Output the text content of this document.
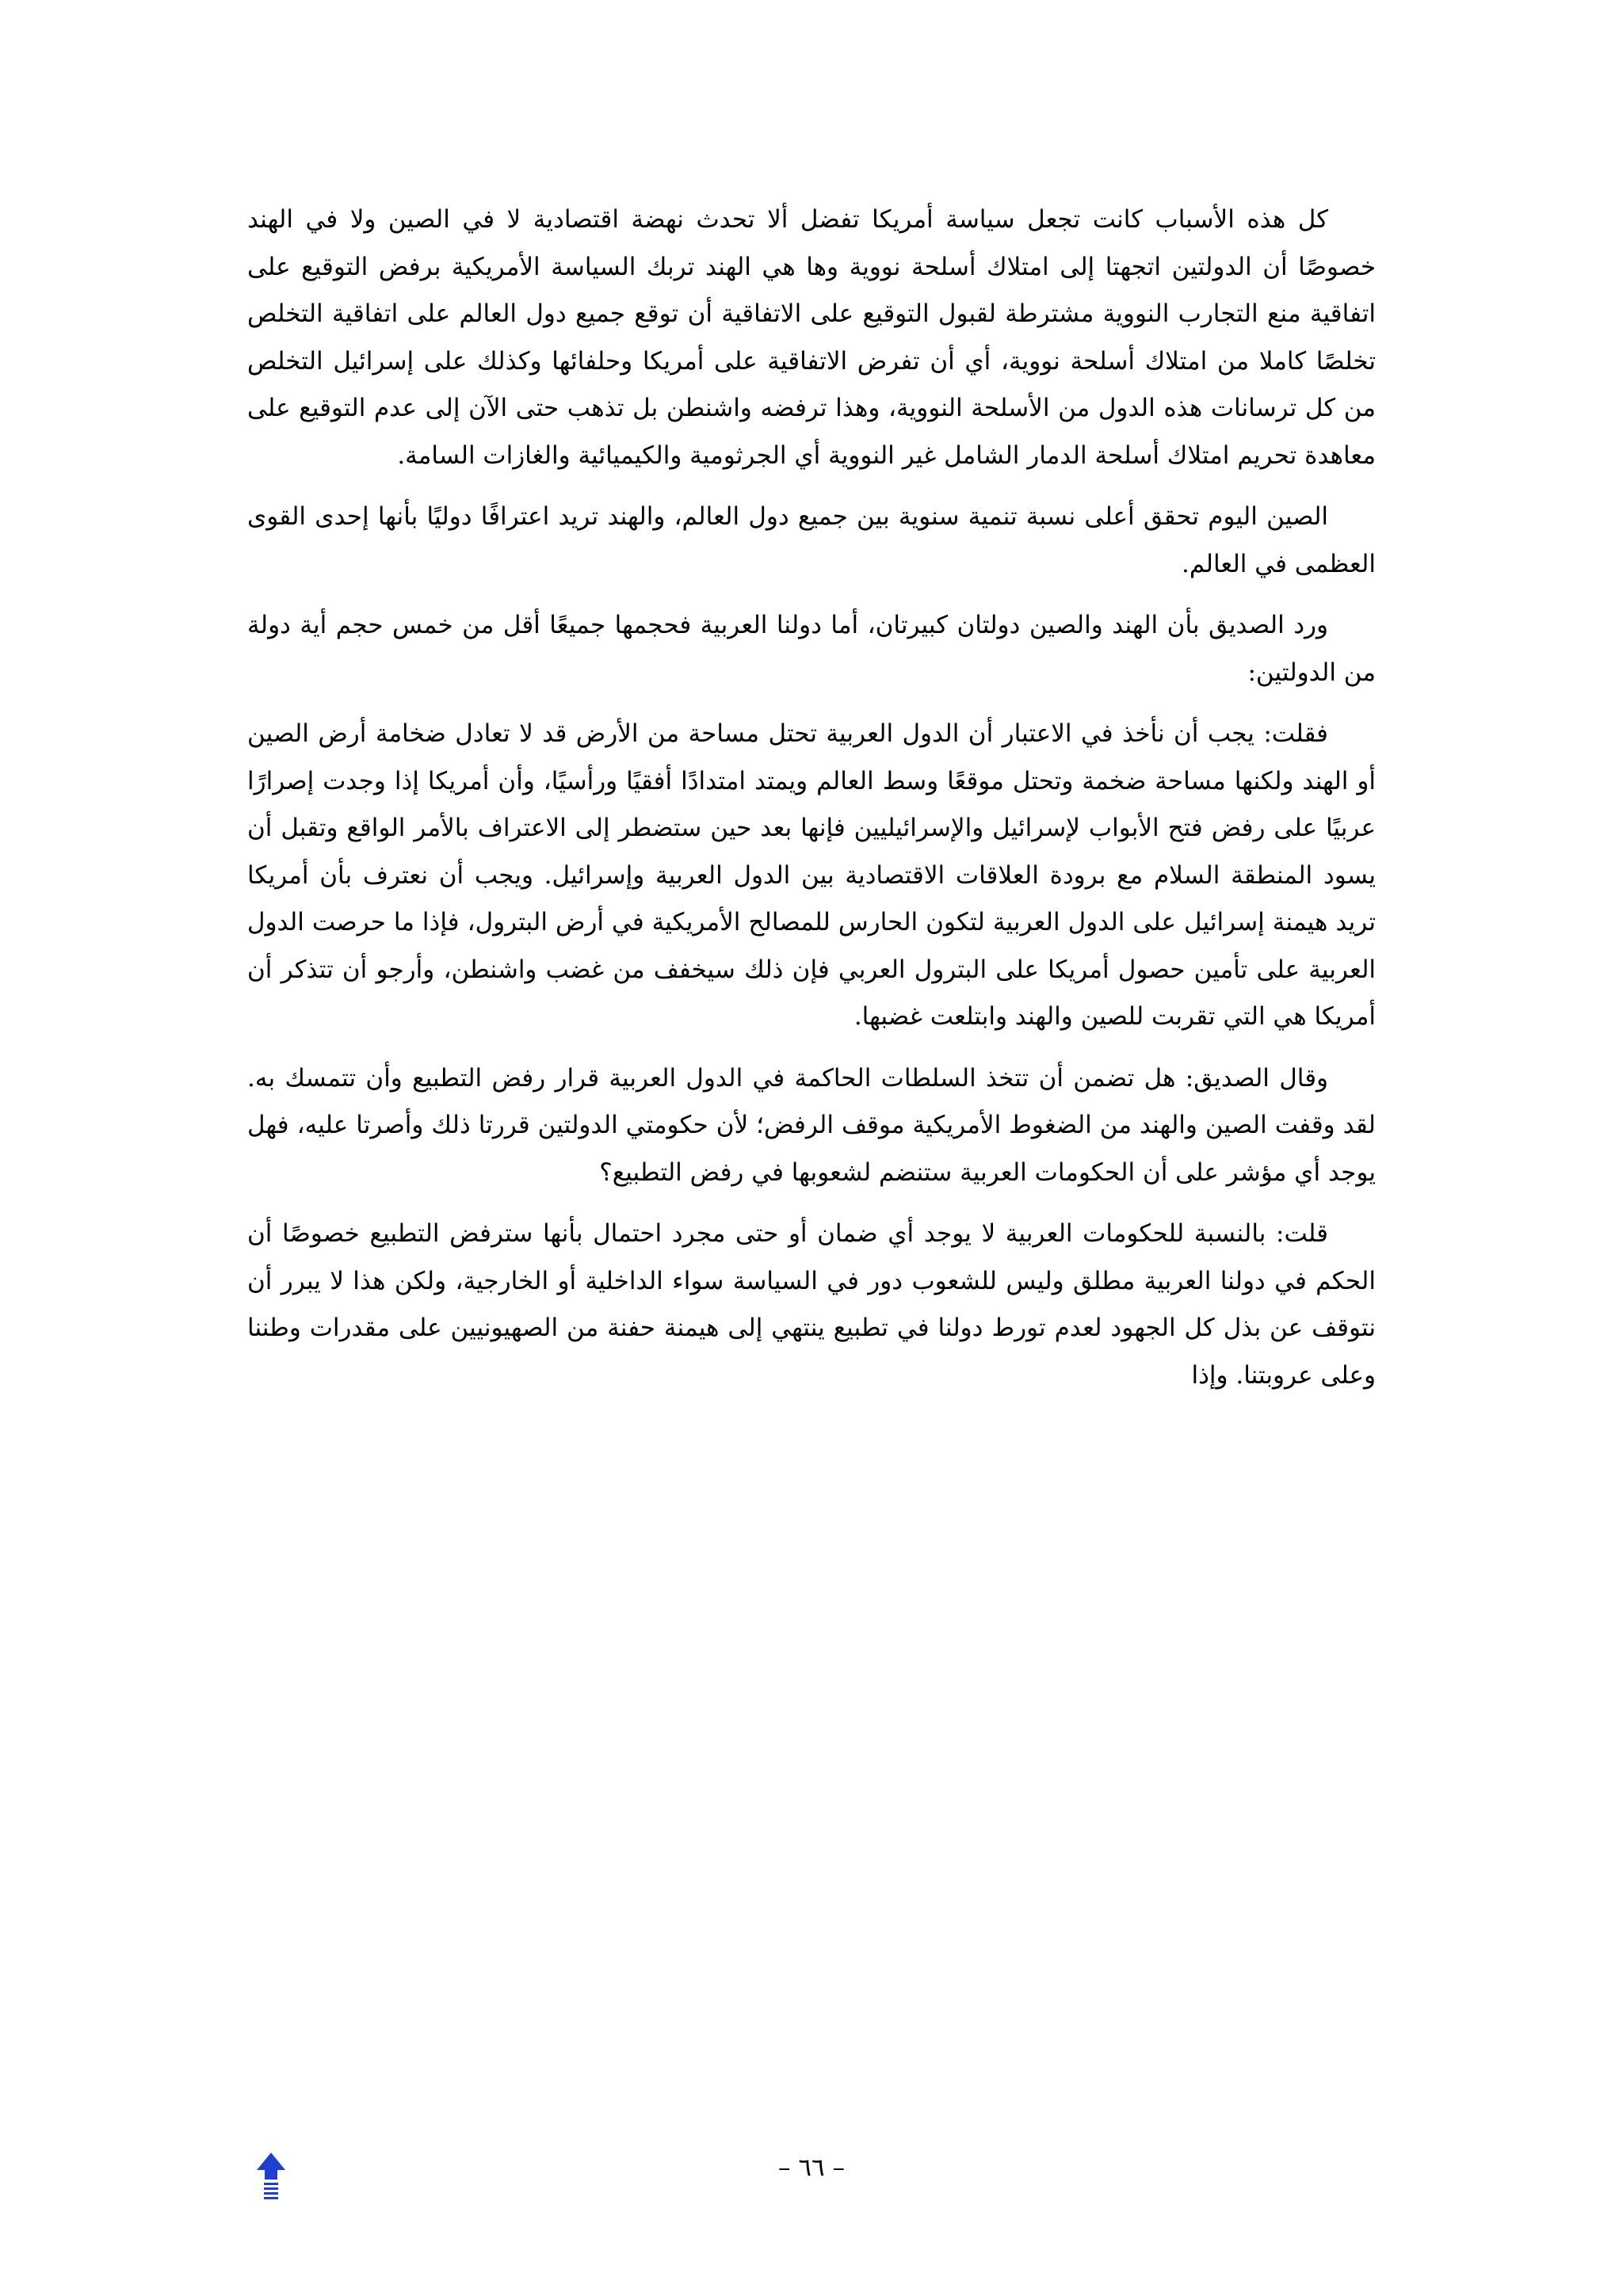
كل هذه الأسباب كانت تجعل سياسة أمريكا تفضل ألا تحدث نهضة اقتصادية لا في الصين ولا في الهند خصوصًا أن الدولتين اتجهتا إلى امتلاك أسلحة نووية وها هي الهند تربك السياسة الأمريكية برفض التوقيع على اتفاقية منع التجارب النووية مشترطة لقبول التوقيع على الاتفاقية أن توقع جميع دول العالم على اتفاقية التخلص تخلصًا كاملا من امتلاك أسلحة نووية، أي أن تفرض الاتفاقية على أمريكا وحلفائها وكذلك على إسرائيل التخلص من كل ترسانات هذه الدول من الأسلحة النووية، وهذا ترفضه واشنطن بل تذهب حتى الآن إلى عدم التوقيع على معاهدة تحريم امتلاك أسلحة الدمار الشامل غير النووية أي الجرثومية والكيميائية والغازات السامة.

الصين اليوم تحقق أعلى نسبة تنمية سنوية بين جميع دول العالم، والهند تريد اعترافًا دوليًا بأنها إحدى القوى العظمى في العالم.

ورد الصديق بأن الهند والصين دولتان كبيرتان، أما دولنا العربية فحجمها جميعًا أقل من خمس حجم أية دولة من الدولتين:

فقلت: يجب أن نأخذ في الاعتبار أن الدول العربية تحتل مساحة من الأرض قد لا تعادل ضخامة أرض الصين أو الهند ولكنها مساحة ضخمة وتحتل موقعًا وسط العالم ويمتد امتدادًا أفقيًا ورأسيًا، وأن أمريكا إذا وجدت إصرارًا عربيًا على رفض فتح الأبواب لإسرائيل والإسرائيليين فإنها بعد حين ستضطر إلى الاعتراف بالأمر الواقع وتقبل أن يسود المنطقة السلام مع برودة العلاقات الاقتصادية بين الدول العربية وإسرائيل. ويجب أن نعترف بأن أمريكا تريد هيمنة إسرائيل على الدول العربية لتكون الحارس للمصالح الأمريكية في أرض البترول، فإذا ما حرصت الدول العربية على تأمين حصول أمريكا على البترول العربي فإن ذلك سيخفف من غضب واشنطن، وأرجو أن تتذكر أن أمريكا هي التي تقربت للصين والهند وابتلعت غضبها.

وقال الصديق: هل تضمن أن تتخذ السلطات الحاكمة في الدول العربية قرار رفض التطبيع وأن تتمسك به. لقد وقفت الصين والهند من الضغوط الأمريكية موقف الرفض؛ لأن حكومتي الدولتين قررتا ذلك وأصرتا عليه، فهل يوجد أي مؤشر على أن الحكومات العربية ستنضم لشعوبها في رفض التطبيع؟

قلت: بالنسبة للحكومات العربية لا يوجد أي ضمان أو حتى مجرد احتمال بأنها سترفض التطبيع خصوصًا أن الحكم في دولنا العربية مطلق وليس للشعوب دور في السياسة سواء الداخلية أو الخارجية، ولكن هذا لا يبرر أن نتوقف عن بذل كل الجهود لعدم تورط دولنا في تطبيع ينتهي إلى هيمنة حفنة من الصهيونيين على مقدرات وطننا وعلى عروبتنا. وإذا

– ٦٦ –
